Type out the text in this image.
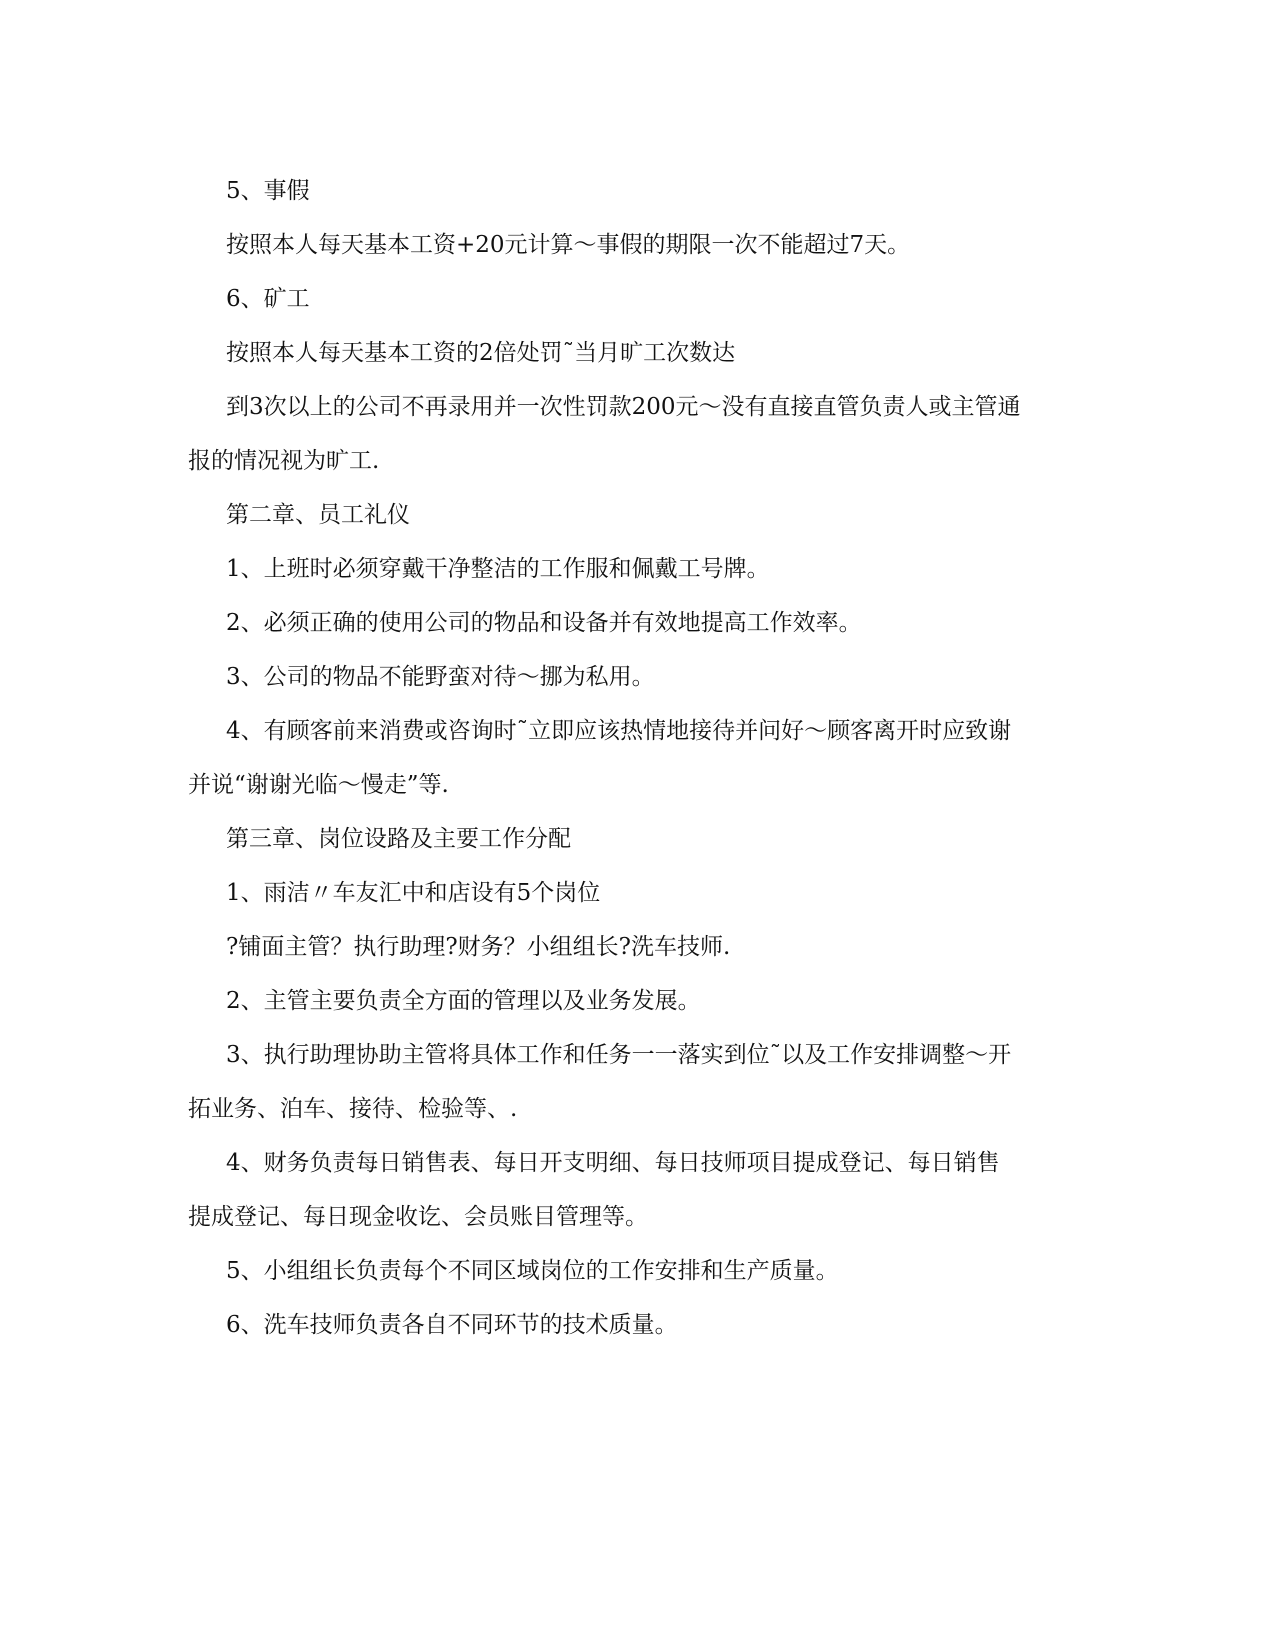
5、事假
按照本人每天基本工资+20元计算～事假的期限一次不能超过7天。
6、矿工
按照本人每天基本工资的2倍处罚˜当月旷工次数达
到3次以上的公司不再录用并一次性罚款200元～没有直接直管负责人或主管通
报的情况视为旷工.
第二章、员工礼仪
1、上班时必须穿戴干净整洁的工作服和佩戴工号牌。
2、必须正确的使用公司的物品和设备并有效地提高工作效率。
3、公司的物品不能野蛮对待～挪为私用。
4、有顾客前来消费或咨询时˜立即应该热情地接待并问好～顾客离开时应致谢
并说“谢谢光临～慢走”等.
第三章、岗位设路及主要工作分配
1、雨洁〃车友汇中和店设有5个岗位
?铺面主管？执行助理?财务？小组组长?洗车技师.
2、主管主要负责全方面的管理以及业务发展。
3、执行助理协助主管将具体工作和任务一一落实到位˜以及工作安排调整～开
拓业务、泊车、接待、检验等、.
4、财务负责每日销售表、每日开支明细、每日技师项目提成登记、每日销售
提成登记、每日现金收讫、会员账目管理等。
5、小组组长负责每个不同区域岗位的工作安排和生产质量。
6、洗车技师负责各自不同环节的技术质量。
